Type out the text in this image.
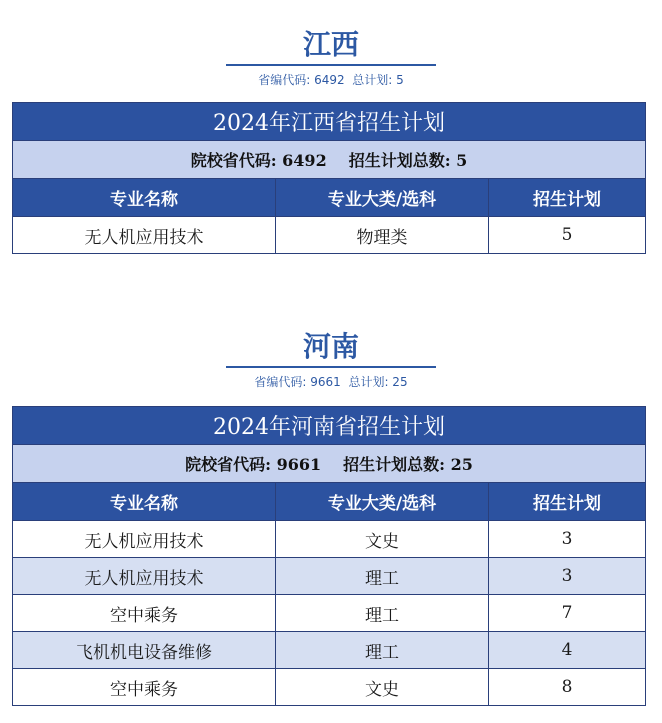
江西
省编代码: 6492  总计划: 5
2024年江西省招生计划		
院校省代码: 6492 招生计划总数: 5		
专业名称	专业大类/选科	招生计划
无人机应用技术	物理类	5
河南
省编代码: 9661  总计划: 25
2024年河南省招生计划		
院校省代码: 9661 招生计划总数: 25		
专业名称	专业大类/选科	招生计划
无人机应用技术	文史	3
无人机应用技术	理工	3
空中乘务	理工	7
飞机机电设备维修	理工	4
空中乘务	文史	8
